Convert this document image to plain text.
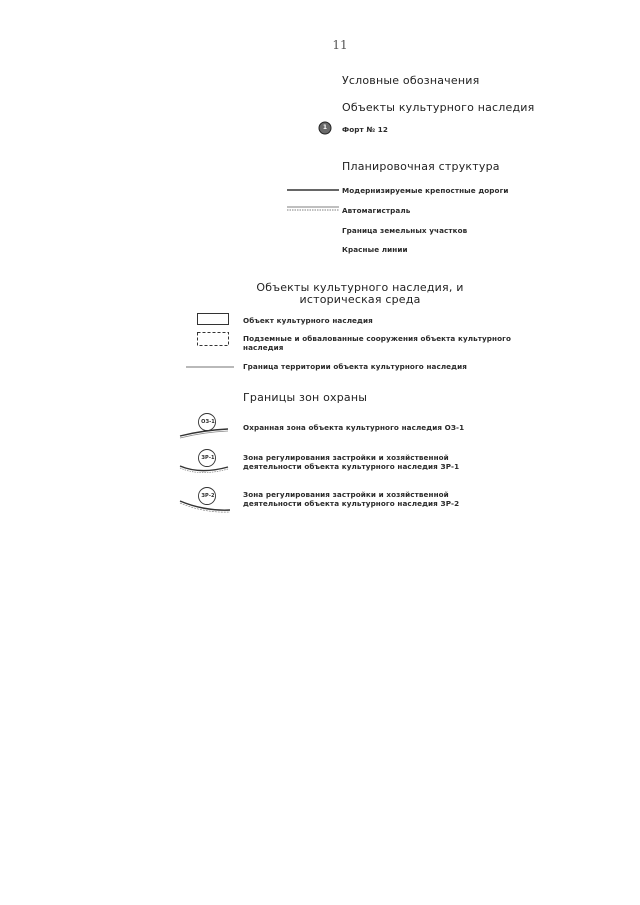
11
Условные обозначения
Объекты культурного наследия
1 Форт № 12
Планировочная структура
Модернизируемые крепостные дороги
Автомагистраль
Граница земельных участков
Красные линии
Объекты культурного наследия, и
историческая среда
Объект культурного наследия
Подземные и обвалованные сооружения объекта культурного наследия
Граница территории объекта культурного наследия
Границы зон охраны
ОЗ-1
Охранная зона объекта культурного наследия ОЗ-1
ЗР-1	Зона регулирования застройки и хозяйственной деятельности объекта культурного наследия ЗР-1
ЗР-2	Зона регулирования застройки и хозяйственной деятельности объекта культурного наследия ЗР-2
